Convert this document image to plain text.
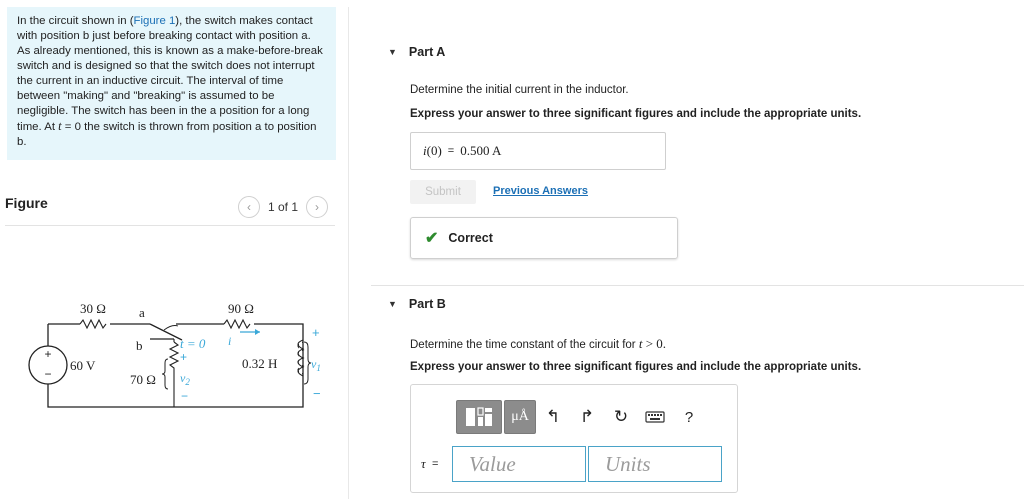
In the circuit shown in (Figure 1), the switch makes contact with position b just before breaking contact with position a. As already mentioned, this is known as a make-before-break switch and is designed so that the switch does not interrupt the current in an inductive circuit. The interval of time between "making" and "breaking" is assumed to be negligible. The switch has been in the a position for a long time. At t = 0 the switch is thrown from position a to position b.
Figure	‹ 1 of 1 ›
+
−
30 Ω	90 Ω
a
b	t = 0 i
60 V
70 Ω
0.32 H
+
−
$v_2$
+
−
$v_1$
▼ Part A
Determine the initial current in the inductor.
Express your answer to three significant figures and include the appropriate units.
i(0) = 0.500 A
Submit	Previous Answers
✔ Correct
▼ Part B
Determine the time constant of the circuit for t > 0.
Express your answer to three significant figures and include the appropriate units.
μÅ	↰	↱	↻	?
τ =
Value
Units
